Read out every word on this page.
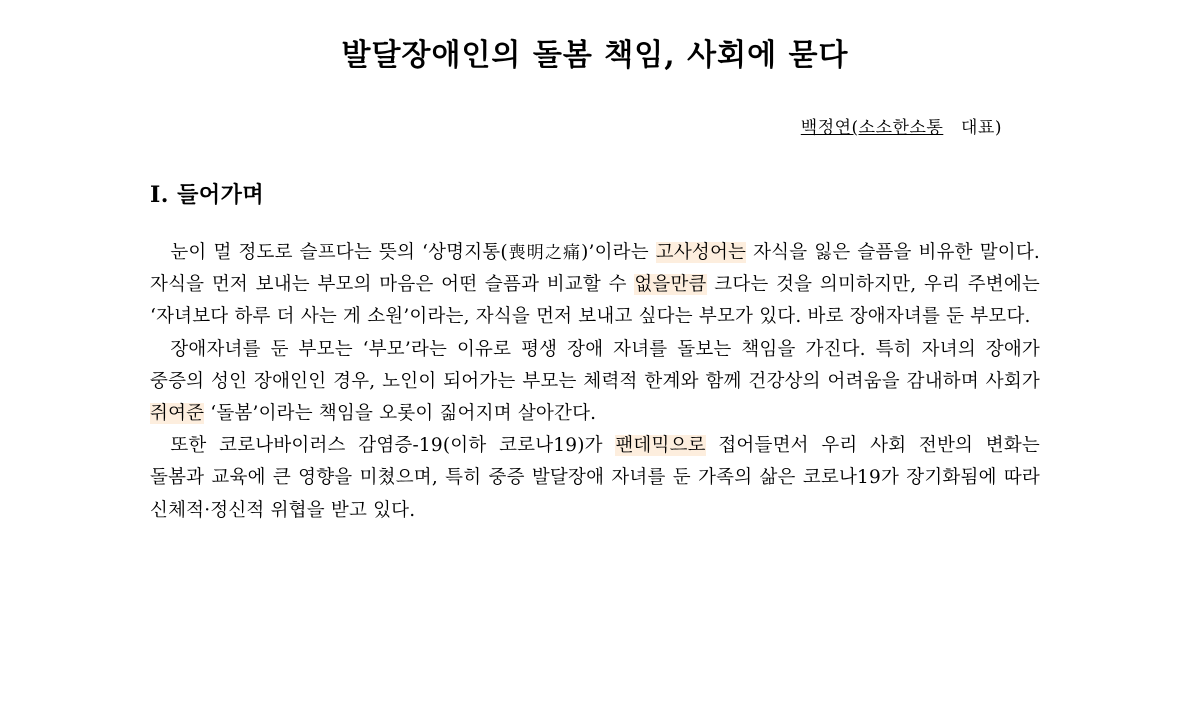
발달장애인의 돌봄 책임, 사회에 묻다
백정연(소소한소통 대표)
Ⅰ. 들어가며

눈이 멀 정도로 슬프다는 뜻의 ‘상명지통(喪明之痛)’이라는 고사성어는 자식을 잃은 슬픔을 비유한 말이다. 자식을 먼저 보내는 부모의 마음은 어떤 슬픔과 비교할 수 없을만큼 크다는 것을 의미하지만, 우리 주변에는 ‘자녀보다 하루 더 사는 게 소원’이라는, 자식을 먼저 보내고 싶다는 부모가 있다. 바로 장애자녀를 둔 부모다.

장애자녀를 둔 부모는 ‘부모’라는 이유로 평생 장애 자녀를 돌보는 책임을 가진다. 특히 자녀의 장애가 중증의 성인 장애인인 경우, 노인이 되어가는 부모는 체력적 한계와 함께 건강상의 어려움을 감내하며 사회가 쥐여준 ‘돌봄’이라는 책임을 오롯이 짊어지며 살아간다.

또한 코로나바이러스 감염증-19(이하 코로나19)가 팬데믹으로 접어들면서 우리 사회 전반의 변화는 돌봄과 교육에 큰 영향을 미쳤으며, 특히 중증 발달장애 자녀를 둔 가족의 삶은 코로나19가 장기화됨에 따라 신체적·정신적 위협을 받고 있다.
